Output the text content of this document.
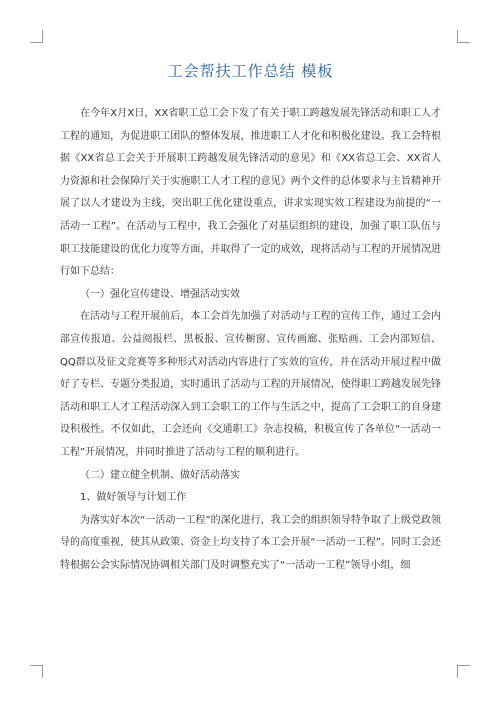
工会帮扶工作总结 模板

在今年X月X日，XX省职工总工会下发了有关于职工跨越发展先锋活动和职工人才工程的通知，为促进职工团队的整体发展，推进职工人才化和积极化建设。我工会特根据《XX省总工会关于开展职工跨越发展先锋活动的意见》和《XX省总工会、XX省人力资源和社会保障厅关于实施职工人才工程的意见》两个文件的总体要求与主旨精神开展了以人才建设为主线，突出职工优化建设重点，讲求实现实效工程建设为前提的“一活动一工程”。在活动与工程中，我工会强化了对基层组织的建设，加强了职工队伍与职工技能建设的优化力度等方面，并取得了一定的成效，现将活动与工程的开展情况进行如下总结：

（一）强化宣传建设、增强活动实效

在活动与工程开展前后，本工会首先加强了对活动与工程的宣传工作，通过工会内部宣传报道、公益阅报栏、黑板报、宣传橱窗、宣传画廊、张贴画、工会内部短信、QQ群以及征文竞赛等多种形式对活动内容进行了实效的宣传，并在活动开展过程中做好了专栏、专题分类报道，实时通讯了活动与工程的开展情况，使得职工跨越发展先锋活动和职工人才工程活动深入到工会职工的工作与生活之中，提高了工会职工的自身建设积极性。不仅如此，工会还向《交通职工》杂志投稿，积极宣传了各单位“一活动一工程”开展情况，并同时推进了活动与工程的顺利进行。

（二）建立健全机制、做好活动落实

1、做好领导与计划工作

为落实好本次“一活动一工程”的深化进行，我工会的组织领导特争取了上级党政领导的高度重视，使其从政策、资金上均支持了本工会开展“一活动一工程”。同时工会还特根据公会实际情况协调相关部门及时调整充实了“一活动一工程”领导小组，细
